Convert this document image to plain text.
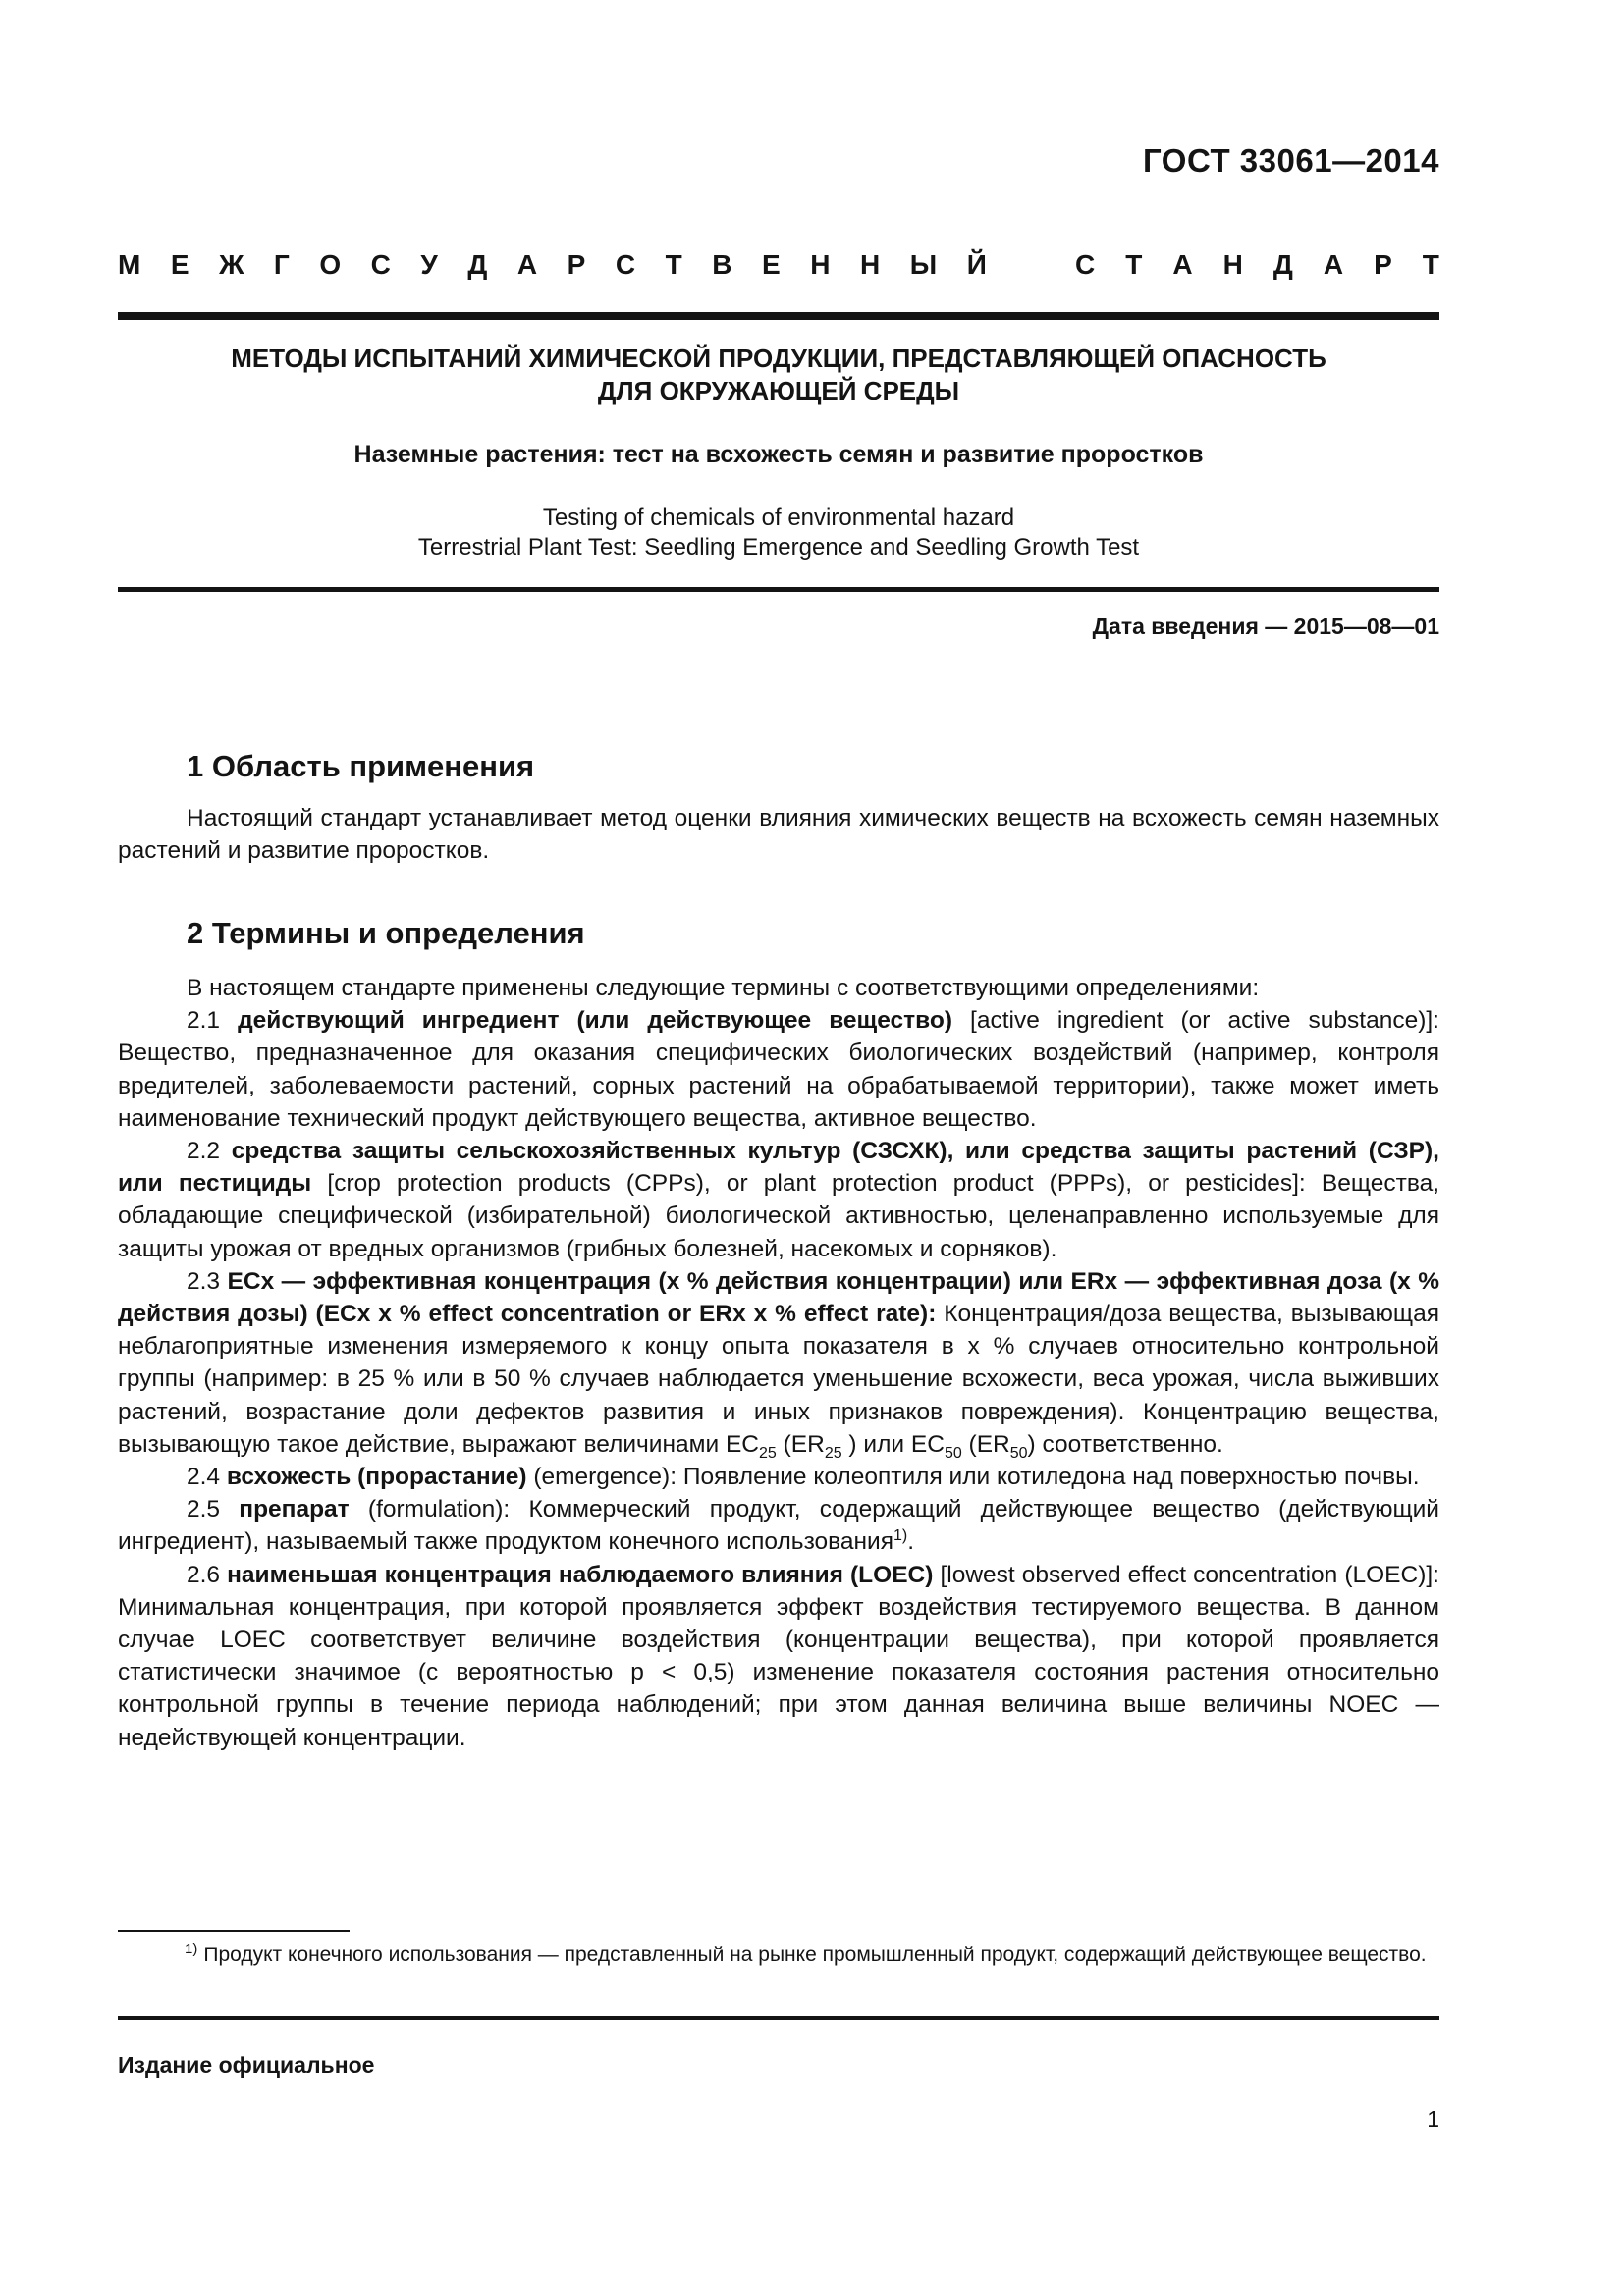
ГОСТ 33061—2014
М Е Ж Г О С У Д А Р С Т В Е Н Н Ы Й	С Т А Н Д А Р Т
МЕТОДЫ ИСПЫТАНИЙ ХИМИЧЕСКОЙ ПРОДУКЦИИ, ПРЕДСТАВЛЯЮЩЕЙ ОПАСНОСТЬ
ДЛЯ ОКРУЖАЮЩЕЙ СРЕДЫ
Наземные растения: тест на всхожесть семян и развитие проростков
Testing of chemicals of environmental hazard
Terrestrial Plant Test: Seedling Emergence and Seedling Growth Test
Дата введения — 2015—08—01
1 Область применения

Настоящий стандарт устанавливает метод оценки влияния химических веществ на всхожесть семян наземных растений и развитие проростков.

2 Термины и определения

В настоящем стандарте применены следующие термины с соответствующими определениями:

2.1 действующий ингредиент (или действующее вещество) [active ingredient (or active substance)]: Вещество, предназначенное для оказания специфических биологических воздействий (например, контроля вредителей, заболеваемости растений, сорных растений на обрабатываемой территории), также может иметь наименование технический продукт действующего вещества, активное вещество.

2.2 средства защиты сельскохозяйственных культур (СЗСХК), или средства защиты растений (СЗР), или пестициды [crop protection products (CPPs), or plant protection product (PPPs), or pesticides]: Вещества, обладающие специфической (избирательной) биологической активностью, целенаправленно используемые для защиты урожая от вредных организмов (грибных болезней, насекомых и сорняков).

2.3 ECx — эффективная концентрация (x % действия концентрации) или ERx — эффективная доза (x % действия дозы) (ECx x % effect concentration or ERx x % effect rate): Концентрация/доза вещества, вызывающая неблагоприятные изменения измеряемого к концу опыта показателя в x % случаев относительно контрольной группы (например: в 25 % или в 50 % случаев наблюдается уменьшение всхожести, веса урожая, числа выживших растений, возрастание доли дефектов развития и иных признаков повреждения). Концентрацию вещества, вызывающую такое действие, выражают величинами $EC_{25}$ ($ER_{25}$ ) или $EC_{50}$ $(ER_{50})$ соответственно.

2.4 всхожесть (прорастание) (emergence): Появление колеоптиля или котиледона над поверхностью почвы.

2.5 препарат (formulation): Коммерческий продукт, содержащий действующее вещество (действующий ингредиент), называемый также продуктом конечного использования$^{1)}$.

2.6 наименьшая концентрация наблюдаемого влияния (LOEC) [lowest observed effect concentration (LOEC)]: Минимальная концентрация, при которой проявляется эффект воздействия тестируемого вещества. В данном случае LOEC соответствует величине воздействия (концентрации вещества), при которой проявляется статистически значимое (с вероятностью p < 0,5) изменение показателя состояния растения относительно контрольной группы в течение периода наблюдений; при этом данная величина выше величины NOEC — недействующей концентрации.

$^{1)}$ Продукт конечного использования — представленный на рынке промышленный продукт, содержащий действующее вещество.
Издание официальное
1
